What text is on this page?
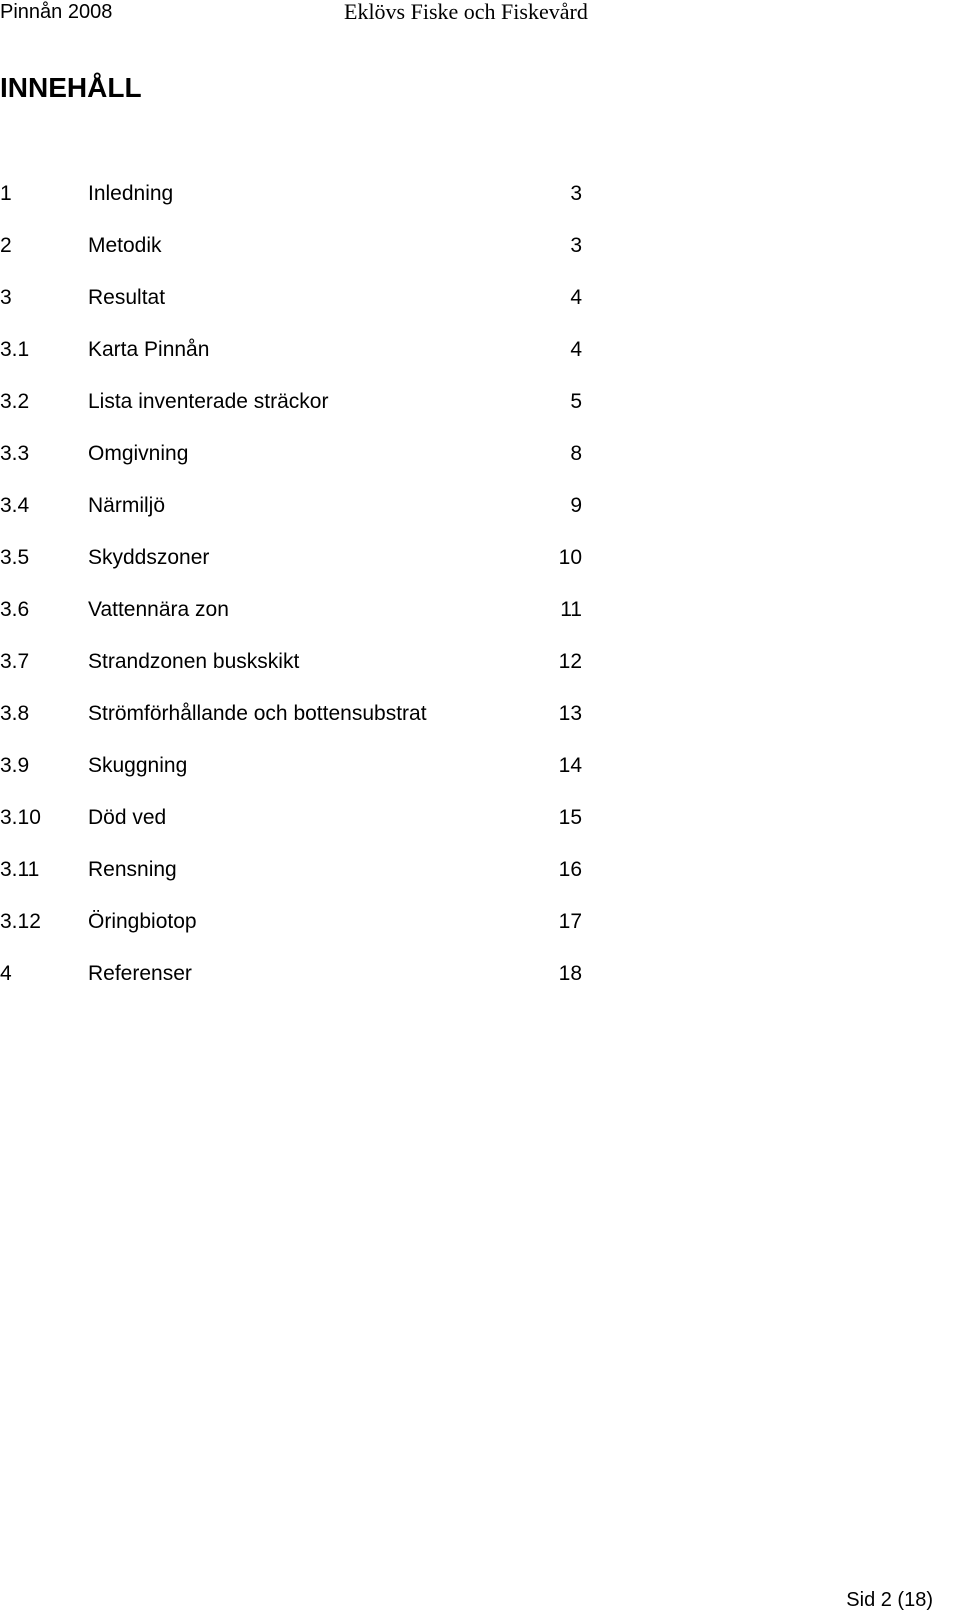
Pinnån 2008	Eklövs Fiske och Fiskevård
INNEHÅLL
1	Inledning	3
2	Metodik	3
3	Resultat	4
3.1	Karta Pinnån	4
3.2	Lista inventerade sträckor	5
3.3	Omgivning	8
3.4	Närmiljö	9
3.5	Skyddszoner	10
3.6	Vattennära zon	11
3.7	Strandzonen buskskikt	12
3.8	Strömförhållande och bottensubstrat	13
3.9	Skuggning	14
3.10 Död ved	15
3.11 Rensning	16
3.12 Öringbiotop	17
4	Referenser	18
Sid 2 (18)
